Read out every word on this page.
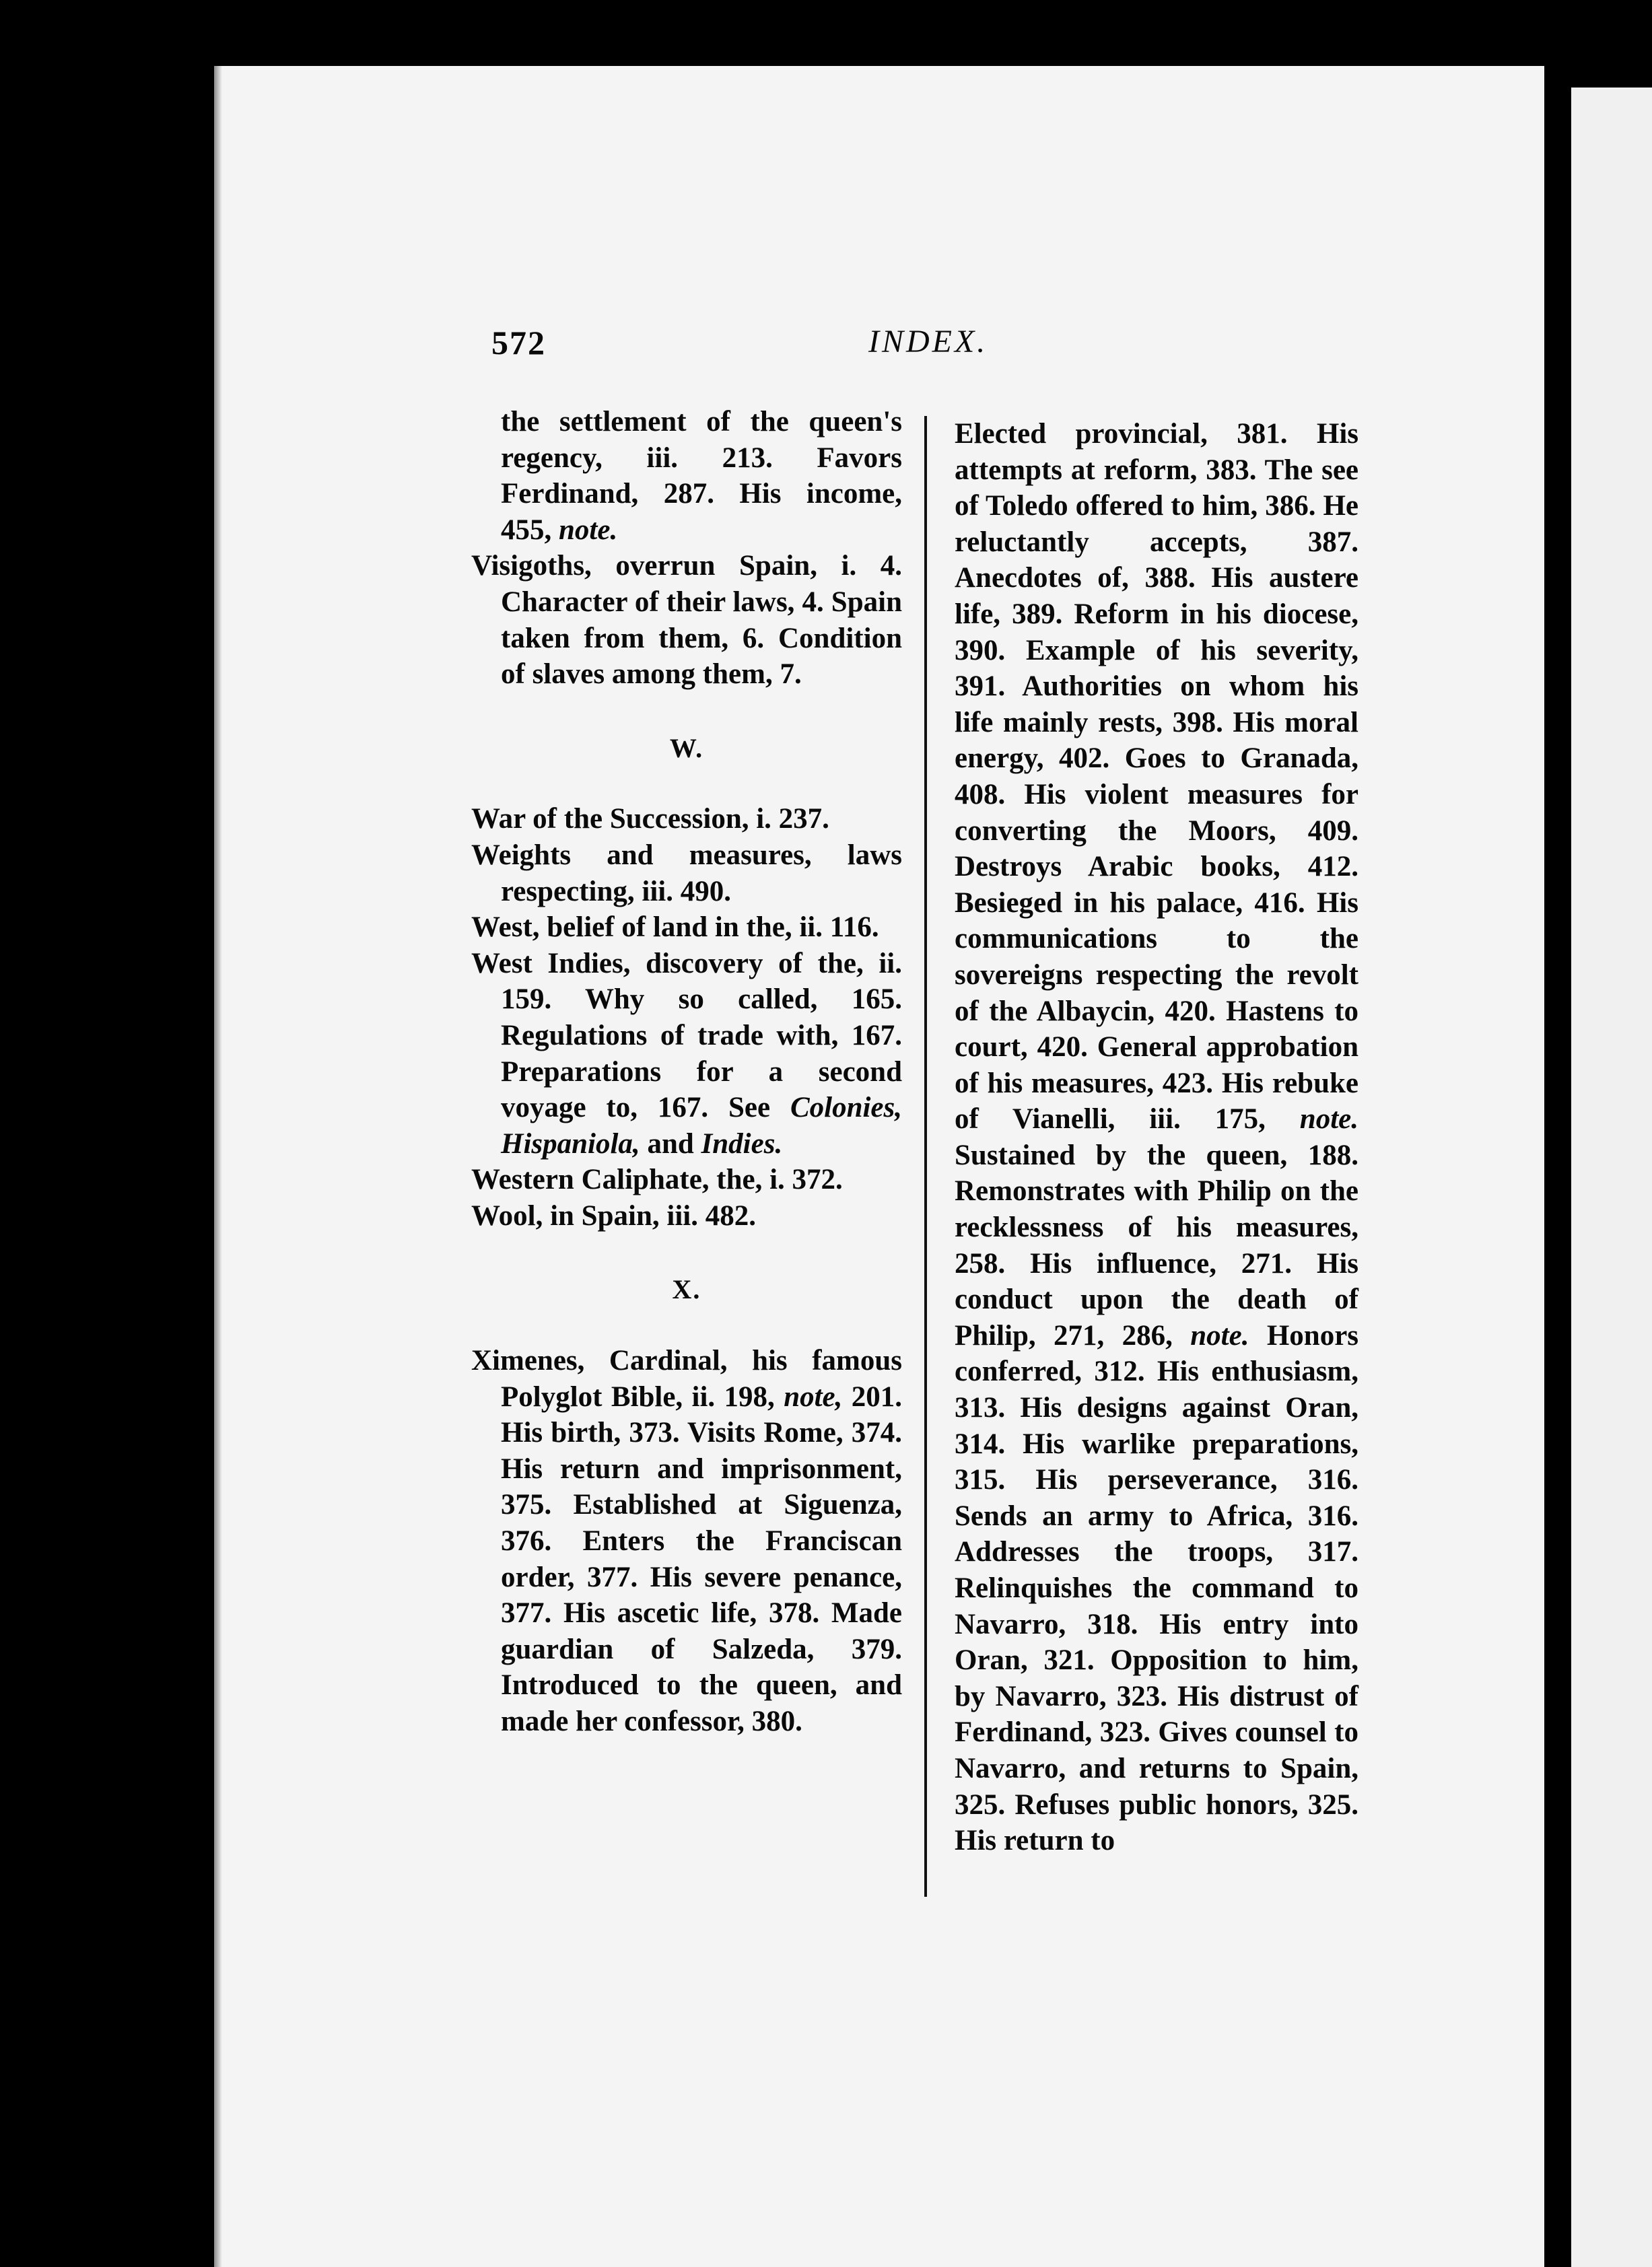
572	INDEX.

the settlement of the queen's regency, iii. 213. Favors Ferdinand, 287. His income, 455, note.

Visigoths, overrun Spain, i. 4. Character of their laws, 4. Spain taken from them, 6. Condition of slaves among them, 7.

W.

War of the Succession, i. 237.

Weights and measures, laws respecting, iii. 490.

West, belief of land in the, ii. 116.

West Indies, discovery of the, ii. 159. Why so called, 165. Regulations of trade with, 167. Preparations for a second voyage to, 167. See Colonies, Hispaniola, and Indies.

Western Caliphate, the, i. 372.

Wool, in Spain, iii. 482.

X.

Ximenes, Cardinal, his famous Polyglot Bible, ii. 198, note, 201. His birth, 373. Visits Rome, 374. His return and imprisonment, 375. Established at Siguenza, 376. Enters the Franciscan order, 377. His severe penance, 377. His ascetic life, 378. Made guardian of Salzeda, 379. Introduced to the queen, and made her confessor, 380.

Elected provincial, 381. His attempts at reform, 383. The see of Toledo offered to him, 386. He reluctantly accepts, 387. Anecdotes of, 388. His austere life, 389. Reform in his diocese, 390. Example of his severity, 391. Authorities on whom his life mainly rests, 398. His moral energy, 402. Goes to Granada, 408. His violent measures for converting the Moors, 409. Destroys Arabic books, 412. Besieged in his palace, 416. His communications to the sovereigns respecting the revolt of the Albaycin, 420. Hastens to court, 420. General approbation of his measures, 423. His rebuke of Vianelli, iii. 175, note. Sustained by the queen, 188. Remonstrates with Philip on the recklessness of his measures, 258. His influence, 271. His conduct upon the death of Philip, 271, 286, note. Honors conferred, 312. His enthusiasm, 313. His designs against Oran, 314. His warlike preparations, 315. His perseverance, 316. Sends an army to Africa, 316. Addresses the troops, 317. Relinquishes the command to Navarro, 318. His entry into Oran, 321. Opposition to him, by Navarro, 323. His distrust of Ferdinand, 323. Gives counsel to Navarro, and returns to Spain, 325. Refuses public honors, 325. His return to
